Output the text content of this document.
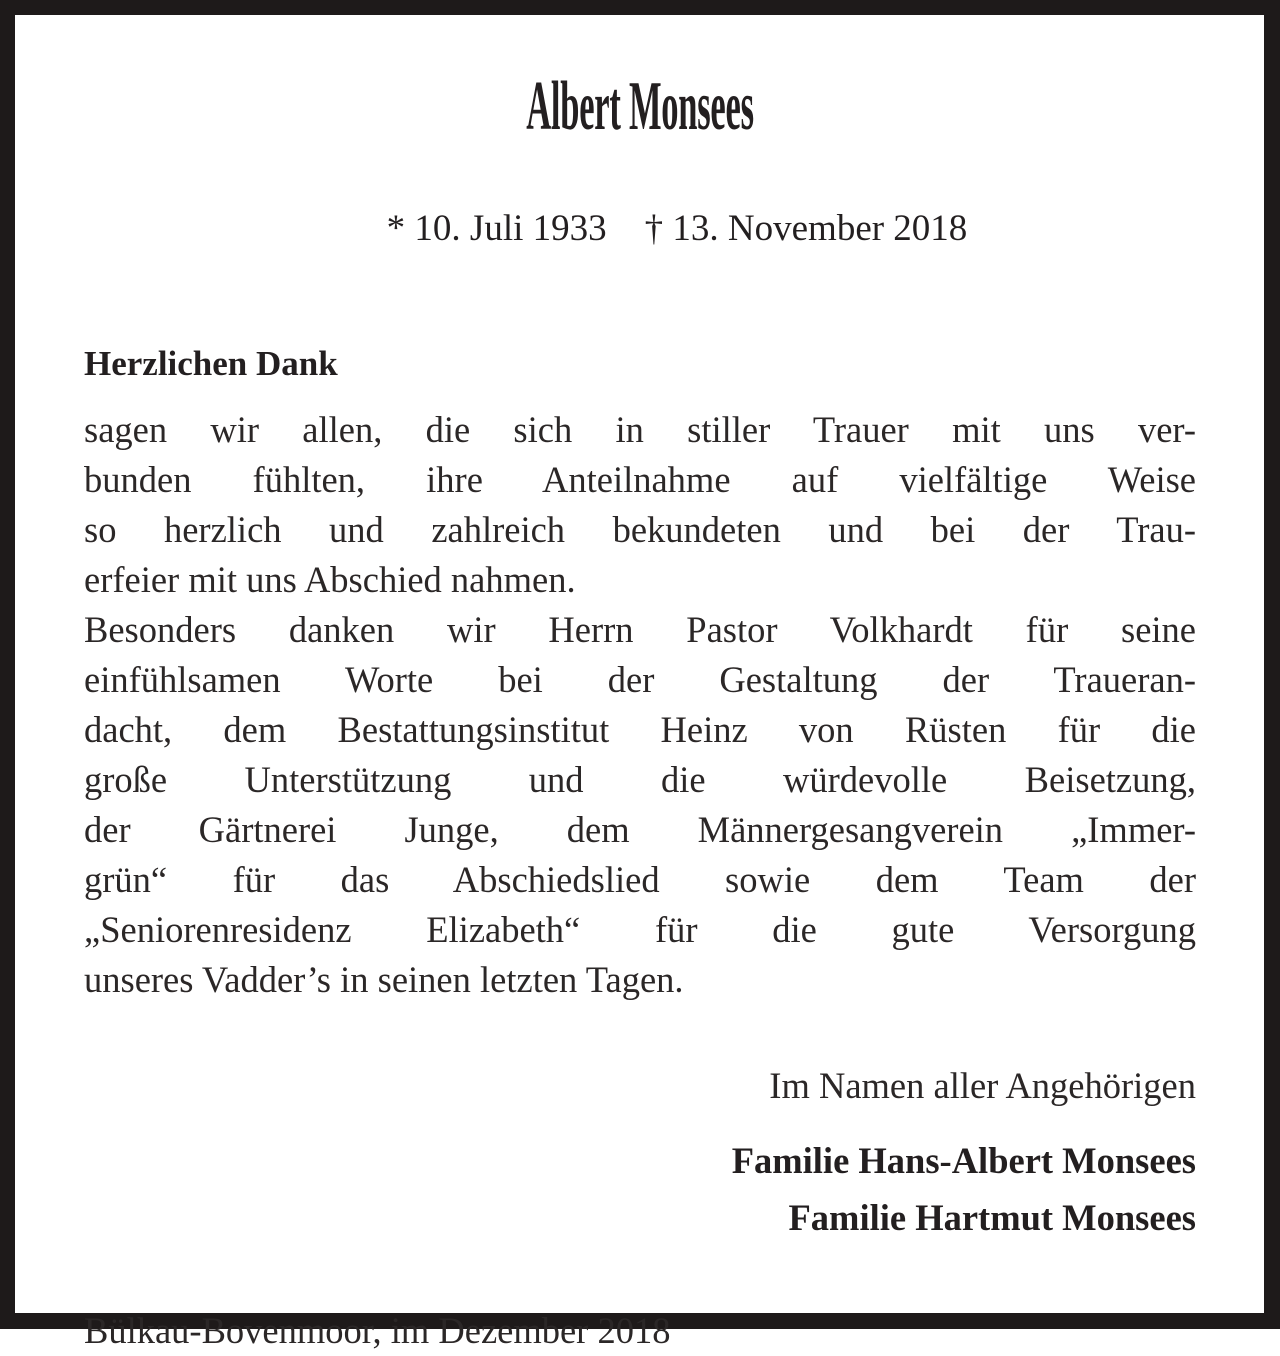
Albert Monsees

* 10. Juli 1933 † 13. November 2018

Herzlichen Dank
sagen wir allen, die sich in stiller Trauer mit uns ver-
bunden fühlten, ihre Anteilnahme auf vielfältige Weise
so herzlich und zahlreich bekundeten und bei der Trau-
erfeier mit uns Abschied nahmen.
Besonders danken wir Herrn Pastor Volkhardt für seine
einfühlsamen Worte bei der Gestaltung der Traueran-
dacht, dem Bestattungsinstitut Heinz von Rüsten für die
große Unterstützung und die würdevolle Beisetzung,
der Gärtnerei Junge, dem Männergesangverein „Immer-
grün“ für das Abschiedslied sowie dem Team der
„Seniorenresidenz Elizabeth“ für die gute Versorgung
unseres Vadder’s in seinen letzten Tagen.
Im Namen aller Angehörigen
Familie Hans-Albert Monsees
Familie Hartmut Monsees

Bülkau-Bovenmoor, im Dezember 2018
